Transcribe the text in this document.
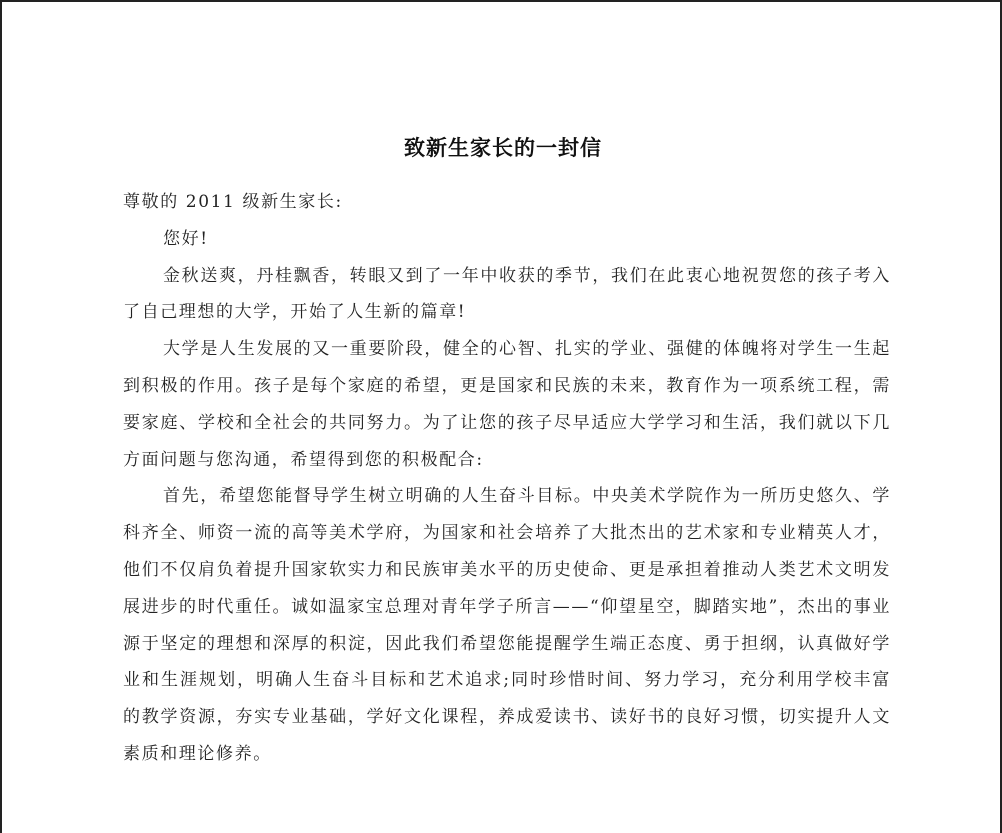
致新生家长的一封信

尊敬的 2011 级新生家长:

您好!

金秋送爽，丹桂飘香，转眼又到了一年中收获的季节，我们在此衷心地祝贺您的孩子考入了自己理想的大学，开始了人生新的篇章!

大学是人生发展的又一重要阶段，健全的心智、扎实的学业、强健的体魄将对学生一生起到积极的作用。孩子是每个家庭的希望，更是国家和民族的未来，教育作为一项系统工程，需要家庭、学校和全社会的共同努力。为了让您的孩子尽早适应大学学习和生活，我们就以下几方面问题与您沟通，希望得到您的积极配合:

首先，希望您能督导学生树立明确的人生奋斗目标。中央美术学院作为一所历史悠久、学科齐全、师资一流的高等美术学府，为国家和社会培养了大批杰出的艺术家和专业精英人才，他们不仅肩负着提升国家软实力和民族审美水平的历史使命、更是承担着推动人类艺术文明发展进步的时代重任。诚如温家宝总理对青年学子所言——“仰望星空，脚踏实地”，杰出的事业源于坚定的理想和深厚的积淀，因此我们希望您能提醒学生端正态度、勇于担纲，认真做好学业和生涯规划，明确人生奋斗目标和艺术追求;同时珍惜时间、努力学习，充分利用学校丰富的教学资源，夯实专业基础，学好文化课程，养成爱读书、读好书的良好习惯，切实提升人文素质和理论修养。
